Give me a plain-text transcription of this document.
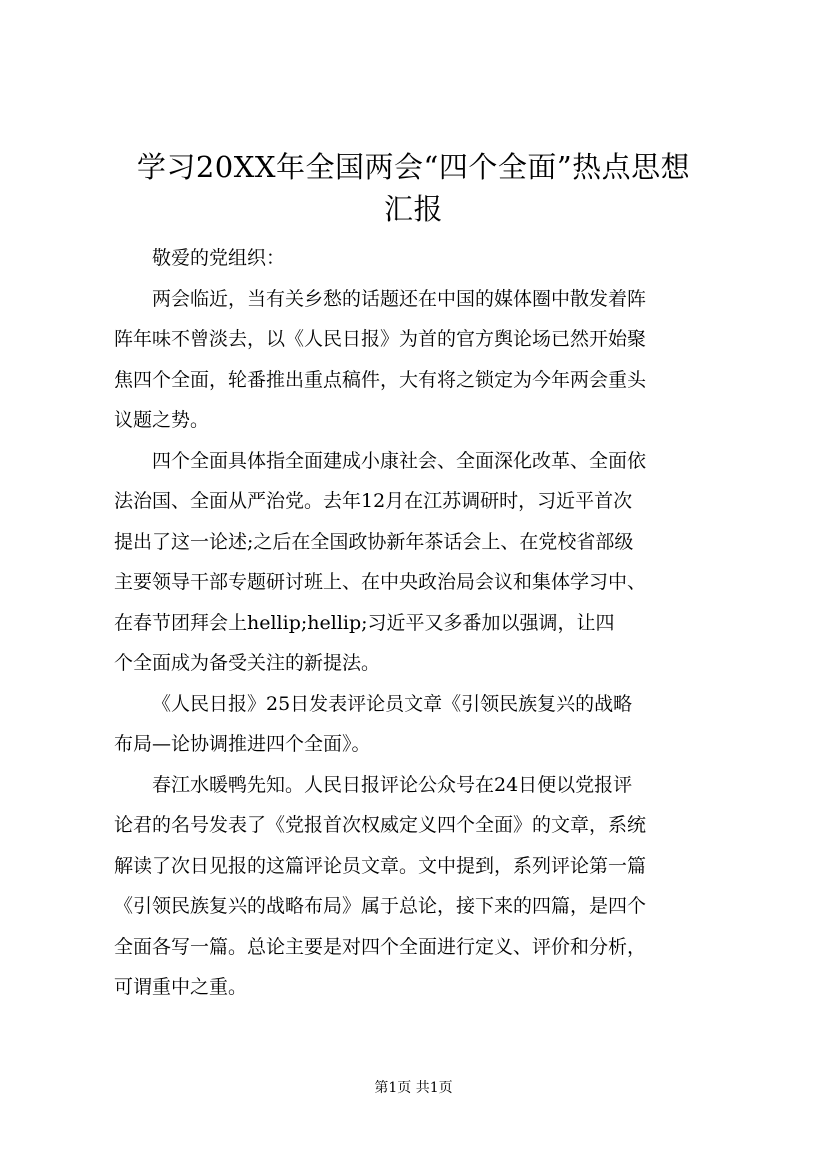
学习20XX年全国两会“四个全面”热点思想
汇报

敬爱的党组织：

两会临近，当有关乡愁的话题还在中国的媒体圈中散发着阵
阵年味不曾淡去，以《人民日报》为首的官方舆论场已然开始聚
焦四个全面，轮番推出重点稿件，大有将之锁定为今年两会重头
议题之势。

四个全面具体指全面建成小康社会、全面深化改革、全面依
法治国、全面从严治党。去年12月在江苏调研时，习近平首次
提出了这一论述;之后在全国政协新年茶话会上、在党校省部级
主要领导干部专题研讨班上、在中央政治局会议和集体学习中、
在春节团拜会上hellip;hellip;习近平又多番加以强调，让四
个全面成为备受关注的新提法。

《人民日报》25日发表评论员文章《引领民族复兴的战略
布局—论协调推进四个全面》。

春江水暖鸭先知。人民日报评论公众号在24日便以党报评
论君的名号发表了《党报首次权威定义四个全面》的文章，系统
解读了次日见报的这篇评论员文章。文中提到，系列评论第一篇
《引领民族复兴的战略布局》属于总论，接下来的四篇，是四个
全面各写一篇。总论主要是对四个全面进行定义、评价和分析，
可谓重中之重。

第1页 共1页
